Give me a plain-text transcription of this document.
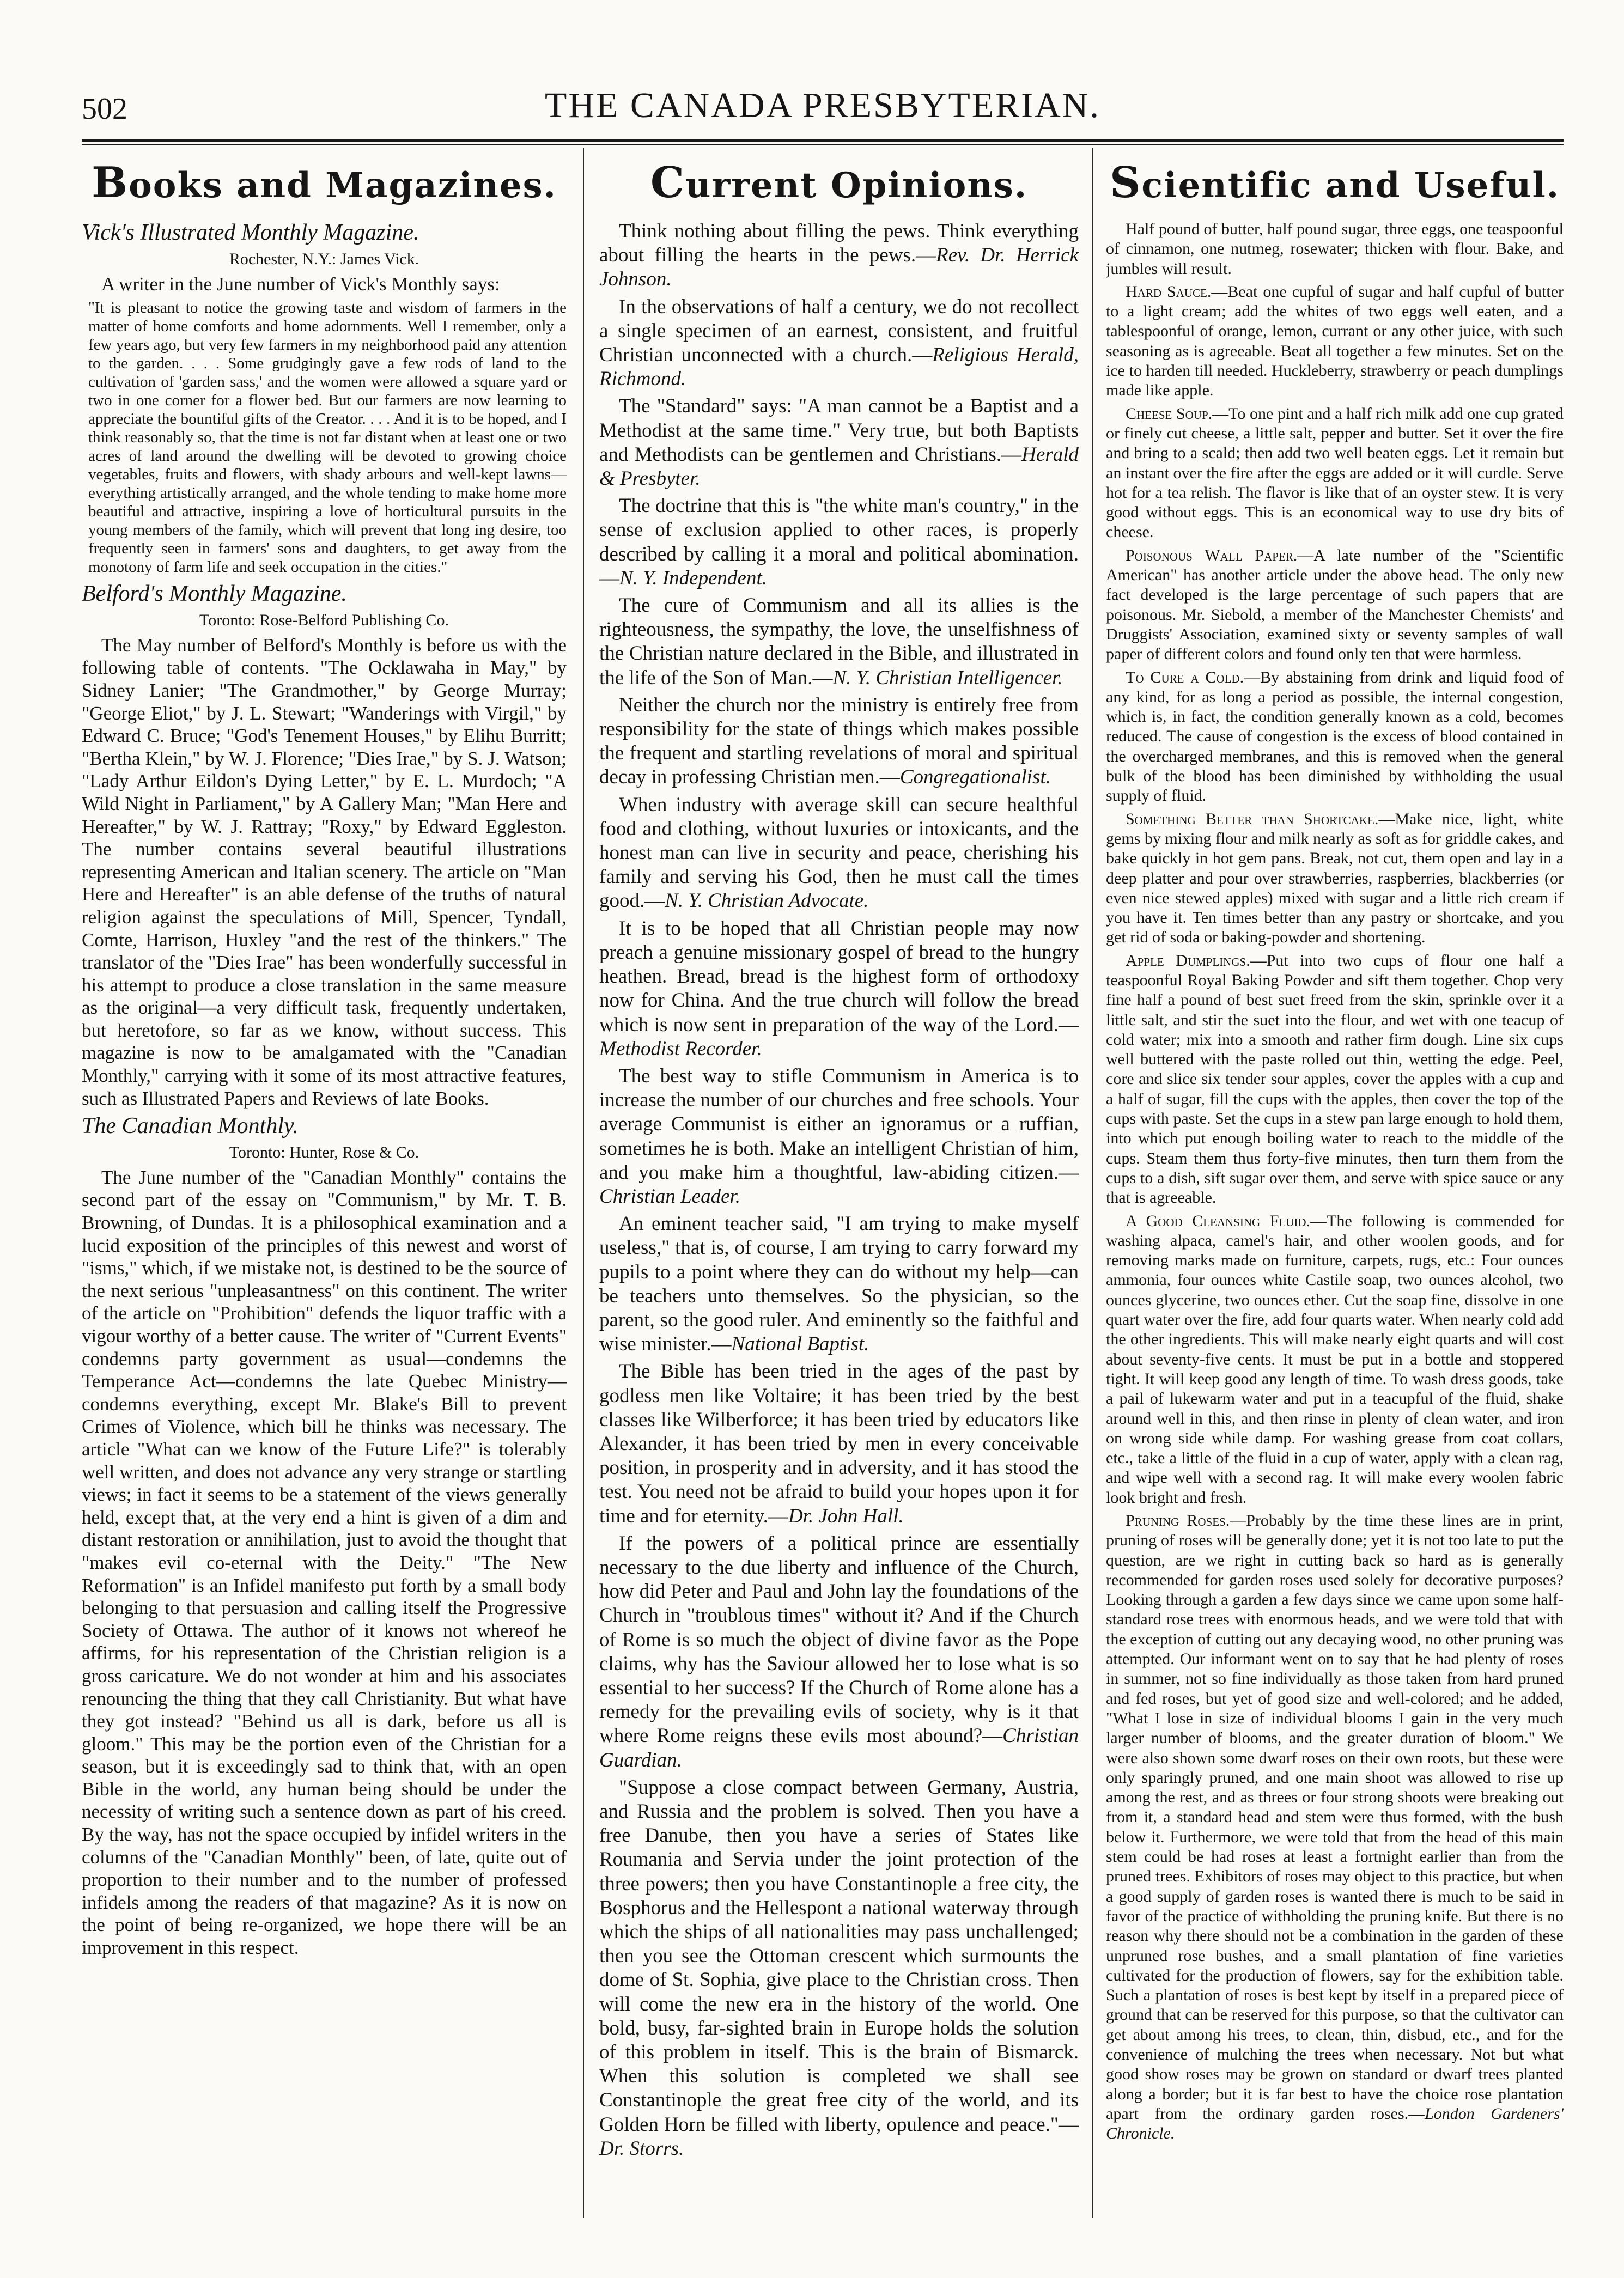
502	THE CANADA PRESBYTERIAN.
Books and Magazines.
Vick's Illustrated Monthly Magazine.
Rochester, N.Y.: James Vick.

A writer in the June number of Vick's Monthly says:

"It is pleasant to notice the growing taste and wisdom of farmers in the matter of home comforts and home adornments. Well I remember, only a few years ago, but very few farmers in my neighborhood paid any attention to the garden. . . . Some grudgingly gave a few rods of land to the cultivation of 'garden sass,' and the women were allowed a square yard or two in one corner for a flower bed. But our farmers are now learning to appreciate the bountiful gifts of the Creator. . . . And it is to be hoped, and I think reasonably so, that the time is not far distant when at least one or two acres of land around the dwelling will be devoted to growing choice vegetables, fruits and flowers, with shady arbours and well-kept lawns—everything artistically arranged, and the whole tending to make home more beautiful and attractive, inspiring a love of horticultural pursuits in the young members of the family, which will prevent that long ing desire, too frequently seen in farmers' sons and daughters, to get away from the monotony of farm life and seek occupation in the cities."

Belford's Monthly Magazine.
Toronto: Rose-Belford Publishing Co.

The May number of Belford's Monthly is before us with the following table of contents. "The Ocklawaha in May," by Sidney Lanier; "The Grandmother," by George Murray; "George Eliot," by J. L. Stewart; "Wanderings with Virgil," by Edward C. Bruce; "God's Tenement Houses," by Elihu Burritt; "Bertha Klein," by W. J. Florence; "Dies Irae," by S. J. Watson; "Lady Arthur Eildon's Dying Letter," by E. L. Murdoch; "A Wild Night in Parliament," by A Gallery Man; "Man Here and Hereafter," by W. J. Rattray; "Roxy," by Edward Eggleston. The number contains several beautiful illustrations representing American and Italian scenery. The article on "Man Here and Hereafter" is an able defense of the truths of natural religion against the speculations of Mill, Spencer, Tyndall, Comte, Harrison, Huxley "and the rest of the thinkers." The translator of the "Dies Irae" has been wonderfully successful in his attempt to produce a close translation in the same measure as the original—a very difficult task, frequently undertaken, but heretofore, so far as we know, without success. This magazine is now to be amalgamated with the "Canadian Monthly," carrying with it some of its most attractive features, such as Illustrated Papers and Reviews of late Books.

The Canadian Monthly.
Toronto: Hunter, Rose & Co.

The June number of the "Canadian Monthly" contains the second part of the essay on "Communism," by Mr. T. B. Browning, of Dundas. It is a philosophical examination and a lucid exposition of the principles of this newest and worst of "isms," which, if we mistake not, is destined to be the source of the next serious "unpleasantness" on this continent. The writer of the article on "Prohibition" defends the liquor traffic with a vigour worthy of a better cause. The writer of "Current Events" condemns party government as usual—condemns the Temperance Act—condemns the late Quebec Ministry—condemns everything, except Mr. Blake's Bill to prevent Crimes of Violence, which bill he thinks was necessary. The article "What can we know of the Future Life?" is tolerably well written, and does not advance any very strange or startling views; in fact it seems to be a statement of the views generally held, except that, at the very end a hint is given of a dim and distant restoration or annihilation, just to avoid the thought that "makes evil co-eternal with the Deity." "The New Reformation" is an Infidel manifesto put forth by a small body belonging to that persuasion and calling itself the Progressive Society of Ottawa. The author of it knows not whereof he affirms, for his representation of the Christian religion is a gross caricature. We do not wonder at him and his associates renouncing the thing that they call Christianity. But what have they got instead? "Behind us all is dark, before us all is gloom." This may be the portion even of the Christian for a season, but it is exceedingly sad to think that, with an open Bible in the world, any human being should be under the necessity of writing such a sentence down as part of his creed. By the way, has not the space occupied by infidel writers in the columns of the "Canadian Monthly" been, of late, quite out of proportion to their number and to the number of professed infidels among the readers of that magazine? As it is now on the point of being re-organized, we hope there will be an improvement in this respect.

Current Opinions.

Think nothing about filling the pews. Think everything about filling the hearts in the pews.—Rev. Dr. Herrick Johnson.

In the observations of half a century, we do not recollect a single specimen of an earnest, consistent, and fruitful Christian unconnected with a church.—Religious Herald, Richmond.

The "Standard" says: "A man cannot be a Baptist and a Methodist at the same time." Very true, but both Baptists and Methodists can be gentlemen and Christians.—Herald & Presbyter.

The doctrine that this is "the white man's country," in the sense of exclusion applied to other races, is properly described by calling it a moral and political abomination.—N. Y. Independent.

The cure of Communism and all its allies is the righteousness, the sympathy, the love, the unselfishness of the Christian nature declared in the Bible, and illustrated in the life of the Son of Man.—N. Y. Christian Intelligencer.

Neither the church nor the ministry is entirely free from responsibility for the state of things which makes possible the frequent and startling revelations of moral and spiritual decay in professing Christian men.—Congregationalist.

When industry with average skill can secure healthful food and clothing, without luxuries or intoxicants, and the honest man can live in security and peace, cherishing his family and serving his God, then he must call the times good.—N. Y. Christian Advocate.

It is to be hoped that all Christian people may now preach a genuine missionary gospel of bread to the hungry heathen. Bread, bread is the highest form of orthodoxy now for China. And the true church will follow the bread which is now sent in preparation of the way of the Lord.—Methodist Recorder.

The best way to stifle Communism in America is to increase the number of our churches and free schools. Your average Communist is either an ignoramus or a ruffian, sometimes he is both. Make an intelligent Christian of him, and you make him a thoughtful, law-abiding citizen.—Christian Leader.

An eminent teacher said, "I am trying to make myself useless," that is, of course, I am trying to carry forward my pupils to a point where they can do without my help—can be teachers unto themselves. So the physician, so the parent, so the good ruler. And eminently so the faithful and wise minister.—National Baptist.

The Bible has been tried in the ages of the past by godless men like Voltaire; it has been tried by the best classes like Wilberforce; it has been tried by educators like Alexander, it has been tried by men in every conceivable position, in prosperity and in adversity, and it has stood the test. You need not be afraid to build your hopes upon it for time and for eternity.—Dr. John Hall.

If the powers of a political prince are essentially necessary to the due liberty and influence of the Church, how did Peter and Paul and John lay the foundations of the Church in "troublous times" without it? And if the Church of Rome is so much the object of divine favor as the Pope claims, why has the Saviour allowed her to lose what is so essential to her success? If the Church of Rome alone has a remedy for the prevailing evils of society, why is it that where Rome reigns these evils most abound?—Christian Guardian.

"Suppose a close compact between Germany, Austria, and Russia and the problem is solved. Then you have a free Danube, then you have a series of States like Roumania and Servia under the joint protection of the three powers; then you have Constantinople a free city, the Bosphorus and the Hellespont a national waterway through which the ships of all nationalities may pass unchallenged; then you see the Ottoman crescent which surmounts the dome of St. Sophia, give place to the Christian cross. Then will come the new era in the history of the world. One bold, busy, far-sighted brain in Europe holds the solution of this problem in itself. This is the brain of Bismarck. When this solution is completed we shall see Constantinople the great free city of the world, and its Golden Horn be filled with liberty, opulence and peace."—Dr. Storrs.

Scientific and Useful.

Half pound of butter, half pound sugar, three eggs, one teaspoonful of cinnamon, one nutmeg, rosewater; thicken with flour. Bake, and jumbles will result.

Hard Sauce.—Beat one cupful of sugar and half cupful of butter to a light cream; add the whites of two eggs well eaten, and a tablespoonful of orange, lemon, currant or any other juice, with such seasoning as is agreeable. Beat all together a few minutes. Set on the ice to harden till needed. Huckleberry, strawberry or peach dumplings made like apple.

Cheese Soup.—To one pint and a half rich milk add one cup grated or finely cut cheese, a little salt, pepper and butter. Set it over the fire and bring to a scald; then add two well beaten eggs. Let it remain but an instant over the fire after the eggs are added or it will curdle. Serve hot for a tea relish. The flavor is like that of an oyster stew. It is very good without eggs. This is an economical way to use dry bits of cheese.

Poisonous Wall Paper.—A late number of the "Scientific American" has another article under the above head. The only new fact developed is the large percentage of such papers that are poisonous. Mr. Siebold, a member of the Manchester Chemists' and Druggists' Association, examined sixty or seventy samples of wall paper of different colors and found only ten that were harmless.

To Cure a Cold.—By abstaining from drink and liquid food of any kind, for as long a period as possible, the internal congestion, which is, in fact, the condition generally known as a cold, becomes reduced. The cause of congestion is the excess of blood contained in the overcharged membranes, and this is removed when the general bulk of the blood has been diminished by withholding the usual supply of fluid.

Something Better than Shortcake.—Make nice, light, white gems by mixing flour and milk nearly as soft as for griddle cakes, and bake quickly in hot gem pans. Break, not cut, them open and lay in a deep platter and pour over strawberries, raspberries, blackberries (or even nice stewed apples) mixed with sugar and a little rich cream if you have it. Ten times better than any pastry or shortcake, and you get rid of soda or baking-powder and shortening.

Apple Dumplings.—Put into two cups of flour one half a teaspoonful Royal Baking Powder and sift them together. Chop very fine half a pound of best suet freed from the skin, sprinkle over it a little salt, and stir the suet into the flour, and wet with one teacup of cold water; mix into a smooth and rather firm dough. Line six cups well buttered with the paste rolled out thin, wetting the edge. Peel, core and slice six tender sour apples, cover the apples with a cup and a half of sugar, fill the cups with the apples, then cover the top of the cups with paste. Set the cups in a stew pan large enough to hold them, into which put enough boiling water to reach to the middle of the cups. Steam them thus forty-five minutes, then turn them from the cups to a dish, sift sugar over them, and serve with spice sauce or any that is agreeable.

A Good Cleansing Fluid.—The following is commended for washing alpaca, camel's hair, and other woolen goods, and for removing marks made on furniture, carpets, rugs, etc.: Four ounces ammonia, four ounces white Castile soap, two ounces alcohol, two ounces glycerine, two ounces ether. Cut the soap fine, dissolve in one quart water over the fire, add four quarts water. When nearly cold add the other ingredients. This will make nearly eight quarts and will cost about seventy-five cents. It must be put in a bottle and stoppered tight. It will keep good any length of time. To wash dress goods, take a pail of lukewarm water and put in a teacupful of the fluid, shake around well in this, and then rinse in plenty of clean water, and iron on wrong side while damp. For washing grease from coat collars, etc., take a little of the fluid in a cup of water, apply with a clean rag, and wipe well with a second rag. It will make every woolen fabric look bright and fresh.

Pruning Roses.—Probably by the time these lines are in print, pruning of roses will be generally done; yet it is not too late to put the question, are we right in cutting back so hard as is generally recommended for garden roses used solely for decorative purposes? Looking through a garden a few days since we came upon some half-standard rose trees with enormous heads, and we were told that with the exception of cutting out any decaying wood, no other pruning was attempted. Our informant went on to say that he had plenty of roses in summer, not so fine individually as those taken from hard pruned and fed roses, but yet of good size and well-colored; and he added, "What I lose in size of individual blooms I gain in the very much larger number of blooms, and the greater duration of bloom." We were also shown some dwarf roses on their own roots, but these were only sparingly pruned, and one main shoot was allowed to rise up among the rest, and as threes or four strong shoots were breaking out from it, a standard head and stem were thus formed, with the bush below it. Furthermore, we were told that from the head of this main stem could be had roses at least a fortnight earlier than from the pruned trees. Exhibitors of roses may object to this practice, but when a good supply of garden roses is wanted there is much to be said in favor of the practice of withholding the pruning knife. But there is no reason why there should not be a combination in the garden of these unpruned rose bushes, and a small plantation of fine varieties cultivated for the production of flowers, say for the exhibition table. Such a plantation of roses is best kept by itself in a prepared piece of ground that can be reserved for this purpose, so that the cultivator can get about among his trees, to clean, thin, disbud, etc., and for the convenience of mulching the trees when necessary. Not but what good show roses may be grown on standard or dwarf trees planted along a border; but it is far best to have the choice rose plantation apart from the ordinary garden roses.—London Gardeners' Chronicle.
